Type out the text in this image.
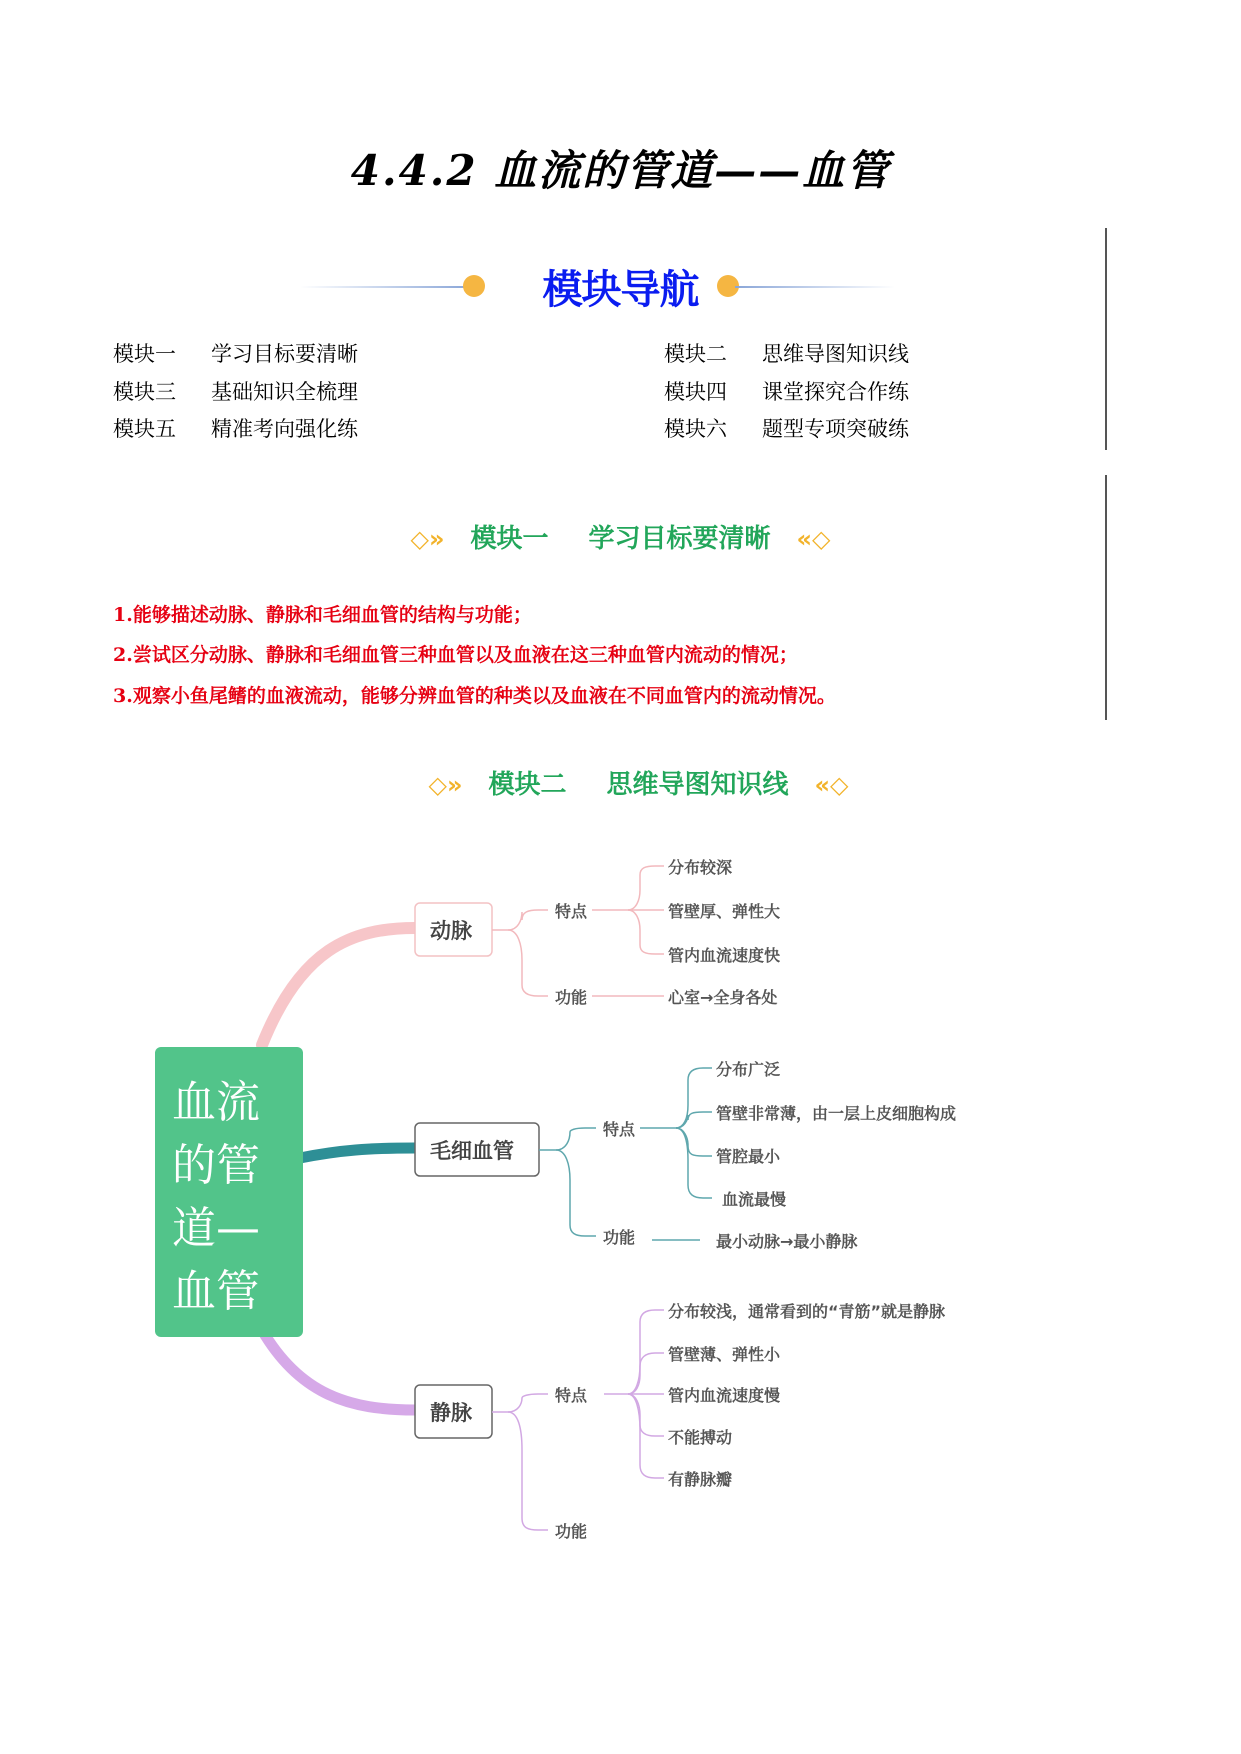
4.4.2 血流的管道——血管
模块导航
模块一 学习目标要清晰	模块二 思维导图知识线
模块三 基础知识全梳理	模块四 课堂探究合作练
模块五 精准考向强化练	模块六 题型专项突破练
◇» 模块一 学习目标要清晰 «◇
1.能够描述动脉、静脉和毛细血管的结构与功能；
2.尝试区分动脉、静脉和毛细血管三种血管以及血液在这三种血管内流动的情况；
3.观察小鱼尾鳍的血液流动，能够分辨血管的种类以及血液在不同血管内的流动情况。
◇» 模块二 思维导图知识线 «◇
血流
的管
道—
血管
动脉
特点
功能
分布较深
管壁厚、弹性大
管内血流速度快
心室→全身各处
毛细血管
特点
功能
分布广泛
管壁非常薄，由一层上皮细胞构成
管腔最小
血流最慢
最小动脉→最小静脉
静脉
特点
功能
分布较浅，通常看到的“青筋”就是静脉
管壁薄、弹性小
管内血流速度慢
不能搏动
有静脉瓣
